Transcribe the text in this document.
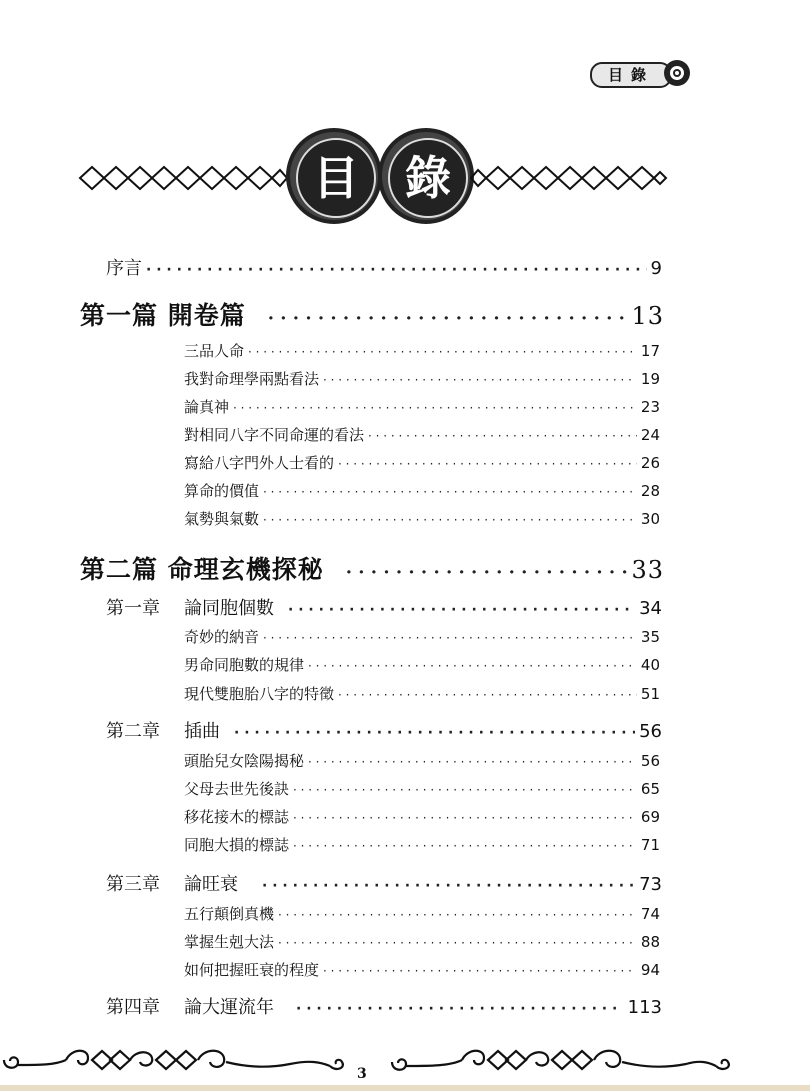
目錄
目	錄
序言 · · ·	9
第一篇 開卷篇 · · ·	13
三品人命 · · ·	17
我對命理學兩點看法 · · ·	19
論真神 · · ·	23
對相同八字不同命運的看法 · · ·	24
寫給八字門外人士看的 · · ·	26
算命的價值 · · ·	28
氣勢與氣數 · · ·	30
第二篇 命理玄機探秘 · · ·	33
第一章 論同胞個數 · · ·	34
奇妙的納音 · · ·	35
男命同胞數的規律 · · ·	40
現代雙胞胎八字的特徵 · · ·	51
第二章 插曲 · · ·	56
頭胎兒女陰陽揭秘 · · ·	56
父母去世先後訣 · · ·	65
移花接木的標誌 · · ·	69
同胞大損的標誌 · · ·	71
第三章 論旺衰 · · ·	73
五行顛倒真機 · · ·	74
掌握生剋大法 · · ·	88
如何把握旺衰的程度 · · ·	94
第四章 論大運流年 · · ·	113
3
